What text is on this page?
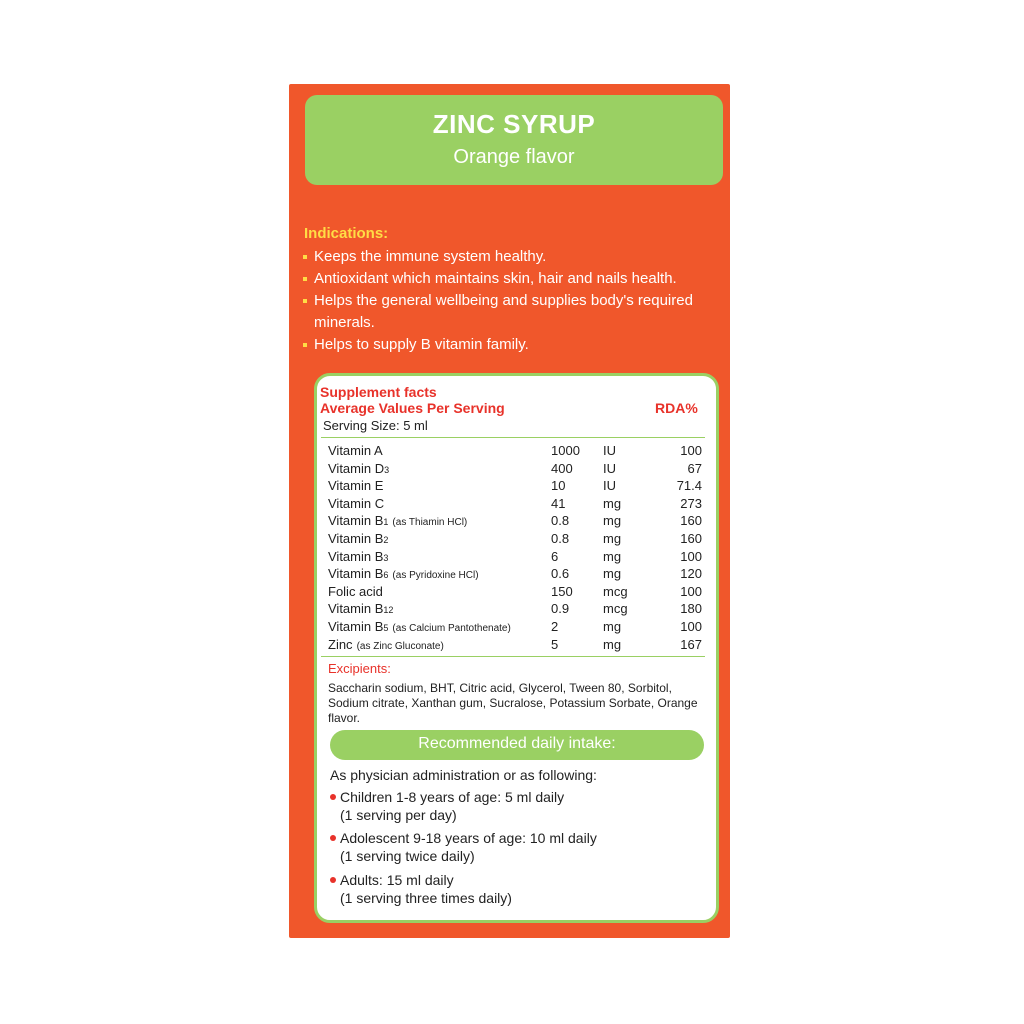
ZINC SYRUP
Orange flavor
Indications:
Keeps the immune system healthy.
Antioxidant which maintains skin, hair and nails health.
Helps the general wellbeing and supplies body's required minerals.
Helps to supply B vitamin family.
Supplement facts
Average Values Per Serving	RDA%
Serving Size: 5 ml
Vitamin A	1000 IU	100
Vitamin D3	400 IU	67
Vitamin E	10	IU	71.4
Vitamin C	41	mg	273
Vitamin B1 (as Thiamin HCl)	0.8	mg	160
Vitamin B2	0.8	mg	160
Vitamin B3	6	mg	100
Vitamin B6 (as Pyridoxine HCl)	0.6	mg	120
Folic acid	150 mcg	100
Vitamin B12	0.9	mcg	180
Vitamin B5 (as Calcium Pantothenate)	2	mg	100
Zinc (as Zinc Gluconate)	5	mg	167
Excipients:
Saccharin sodium, BHT, Citric acid, Glycerol, Tween 80, Sorbitol, Sodium citrate, Xanthan gum, Sucralose, Potassium Sorbate, Orange flavor.
Recommended daily intake:
As physician administration or as following:
Children 1-8 years of age: 5 ml daily
(1 serving per day)
Adolescent 9-18 years of age: 10 ml daily
(1 serving twice daily)
Adults: 15 ml daily
(1 serving three times daily)
